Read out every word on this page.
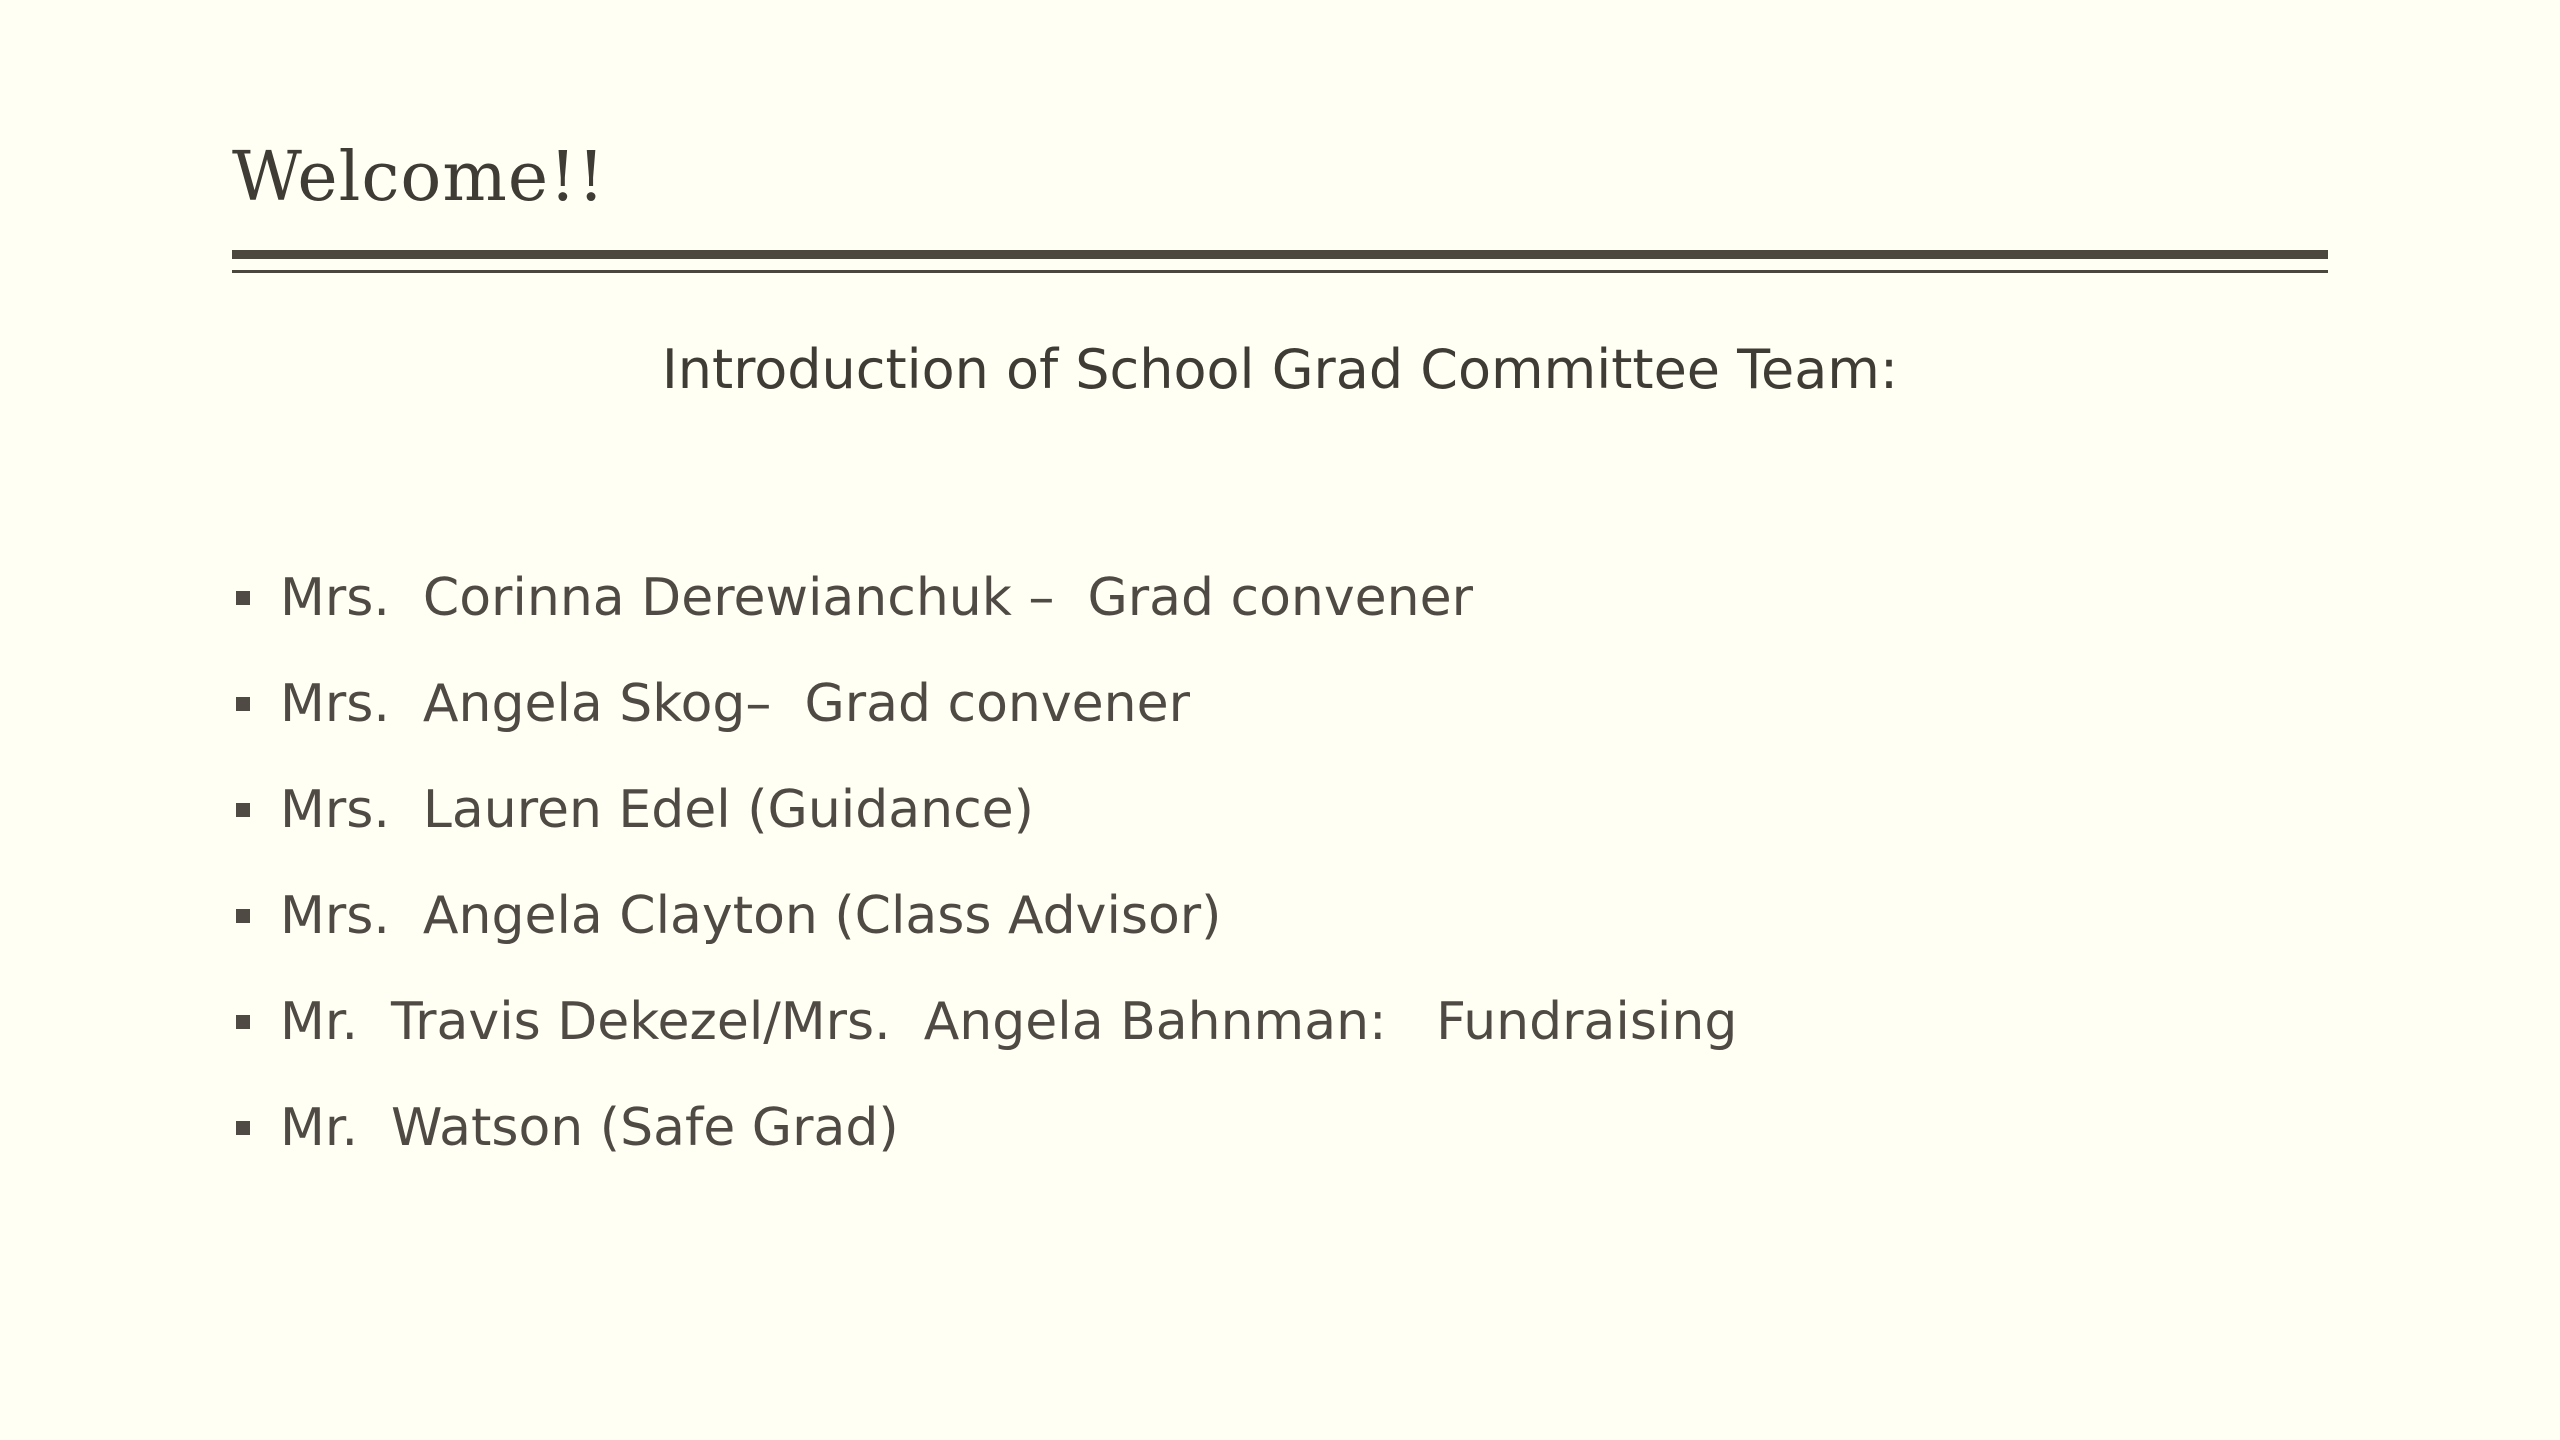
Welcome!!
Introduction of School Grad Committee Team:
Mrs.  Corinna Derewianchuk –  Grad convener
Mrs.  Angela Skog–  Grad convener
Mrs.  Lauren Edel (Guidance)
Mrs.  Angela Clayton (Class Advisor)
Mr.  Travis Dekezel/Mrs.  Angela Bahnman:   Fundraising
Mr.  Watson (Safe Grad)
